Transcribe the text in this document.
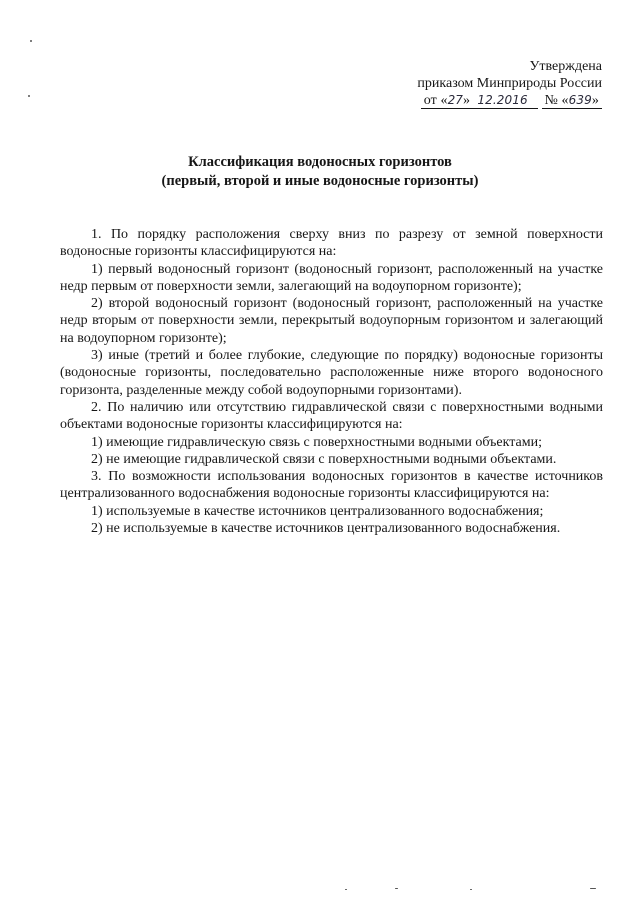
Утверждена
приказом Минприроды России
от «27» 12.2016 № «639»
Классификация водоносных горизонтов
(первый, второй и иные водоносные горизонты)

1. По порядку расположения сверху вниз по разрезу от земной поверхности водоносные горизонты классифицируются на:

1) первый водоносный горизонт (водоносный горизонт, расположенный на участке недр первым от поверхности земли, залегающий на водоупорном горизонте);

2) второй водоносный горизонт (водоносный горизонт, расположенный на участке недр вторым от поверхности земли, перекрытый водоупорным горизонтом и залегающий на водоупорном горизонте);

3) иные (третий и более глубокие, следующие по порядку) водоносные горизонты (водоносные горизонты, последовательно расположенные ниже второго водоносного горизонта, разделенные между собой водоупорными горизонтами).

2. По наличию или отсутствию гидравлической связи с поверхностными водными объектами водоносные горизонты классифицируются на:

1) имеющие гидравлическую связь с поверхностными водными объектами;

2) не имеющие гидравлической связи с поверхностными водными объектами.

3. По возможности использования водоносных горизонтов в качестве источников централизованного водоснабжения водоносные горизонты классифицируются на:

1) используемые в качестве источников централизованного водоснабжения;

2) не используемые в качестве источников централизованного водоснабжения.
